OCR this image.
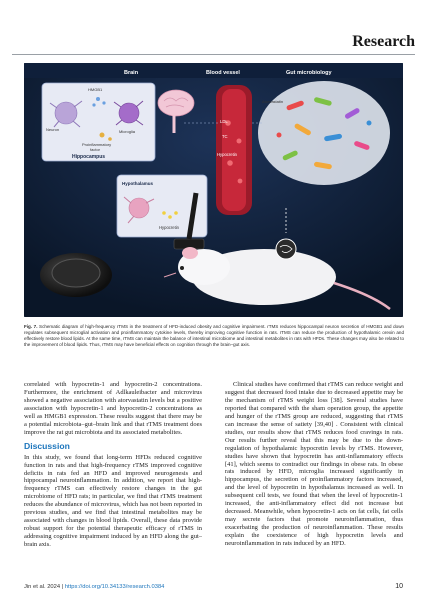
Research
Brain	Blood vessel	Gut microbiology
HMGB1
Neuron	Microglia
Proinflammatory
factor
Hippocampus
Hypothalamus
Hypocretin
LDL
TC
Hypocretin
Atorvastatin
Fig. 7. Schematic diagram of high-frequency rTMS in the treatment of HFD-induced obesity and cognitive impairment. rTMS reduces hippocampal neuron secretion of HMGB1 and down regulates subsequent microglial activation and proinflammatory cytokine levels, thereby improving cognitive function in rats. rTMS can reduce the production of hypothalamic orexin and effectively restore blood lipids. At the same time, rTMS can maintain the balance of intestinal microbiome and intestinal metabolites in rats with HFDs. These changes may also be related to the improvement of blood lipids. Thus, rTMS may have beneficial effects on cognition through the brain–gut axis.

correlated with hypocretin-1 and hypocretin-2 concentrations. Furthermore, the enrichment of Adlkauleibacter and microvirus showed a negative association with atorvastatin levels but a positive association with hypocretin-1 and hypocretin-2 concentrations as well as HMGB1 expression. These results suggest that there may be a potential microbiota–gut–brain link and that rTMS treatment does improve the rat gut microbiota and its associated metabolites.

Discussion

In this study, we found that long-term HFDs reduced cognitive function in rats and that high-frequency rTMS improved cognitive deficits in rats fed an HFD and improved neurogenesis and hippocampal neuroinflammation. In addition, we report that high-frequency rTMS can effectively restore changes in the gut microbiome of HFD rats; in particular, we find that rTMS treatment reduces the abundance of microvirus, which has not been reported in previous studies, and we find that intestinal metabolites may be associated with changes in blood lipids. Overall, these data provide robust support for the potential therapeutic efficacy of rTMS in addressing cognitive impairment induced by an HFD along the gut–brain axis.

Clinical studies have confirmed that rTMS can reduce weight and suggest that decreased food intake due to decreased appetite may be the mechanism of rTMS weight loss [38]. Several studies have reported that compared with the sham operation group, the appetite and hunger of the rTMS group are reduced, suggesting that rTMS can increase the sense of satiety [39,40] . Consistent with clinical studies, our results show that rTMS reduces food cravings in rats. Our results further reveal that this may be due to the down-regulation of hypothalamic hypocretin levels by rTMS. However, studies have shown that hypocretin has anti-inflammatory effects [41], which seems to contradict our findings in obese rats. In obese rats induced by HFD, microglia increased significantly in hippocampus, the secretion of proinflammatory factors increased, and the level of hypocretin in hypothalamus increased as well. In subsequent cell tests, we found that when the level of hypocretin-1 increased, the anti-inflammatory effect did not increase but decreased. Meanwhile, when hypocretin-1 acts on fat cells, fat cells may secrete factors that promote neuroinflammation, thus exacerbating the production of neuroinflammation. These results explain the coexistence of high hypocretin levels and neuroinflammation in rats induced by an HFD.

Jin et al. 2024 | https://doi.org/10.34133/research.0384	10
